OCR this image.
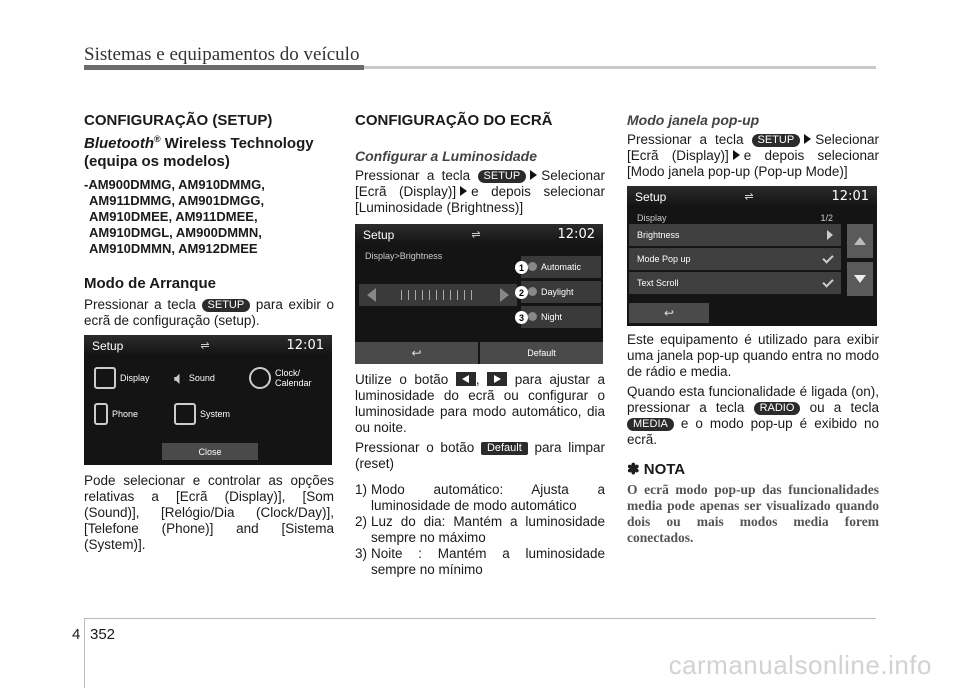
Sistemas e equipamentos do veículo
CONFIGURAÇÃO (SETUP)
Bluetooth® Wireless Technology
(equipa os modelos)
-AM900DMMG, AM910DMMG,
AM911DMMG, AM901DMGG,
AM910DMEE, AM911DMEE,
AM910DMGL, AM900DMMN,
AM910DMMN, AM912DMEE
Modo de Arranque
Pressionar a tecla SETUP para exibir o ecrã de configuração (setup).
Setup	⇌	12:01
Display 🔈︎ Sound	Clock/ Calendar
Phone	System
Close
Pode selecionar e controlar as opções relativas a [Ecrã (Display)], [Som (Sound)], [Relógio/Dia (Clock/Day)], [Telefone (Phone)] and [Sistema (System)].
CONFIGURAÇÃO DO ECRÃ
Configurar a Luminosidade
Pressionar a tecla SETUP Selecionar [Ecrã (Display)] e depois selecionar [Luminosidade (Brightness)]
Setup	⇌	12:02
Display>Brightness
Automatic
Daylight
Night
1
2
3
↩	Default
Utilize o botão ,	para ajustar a luminosidade do ecrã ou configurar o luminosidade para modo automático, dia ou noite.
Pressionar o botão Default para limpar (reset)
1) Modo automático: Ajusta a luminosidade de modo automático
2) Luz do dia: Mantém a luminosidade sempre no máximo
3) Noite : Mantém a luminosidade sempre no mínimo
Modo janela pop-up
Pressionar a tecla SETUP Selecionar [Ecrã (Display)] e depois selecionar [Modo janela pop-up (Pop-up Mode)]
Setup	⇌	12:01
Display	1/2
Brightness
Mode Pop up
Text Scroll
↩
Este equipamento é utilizado para exibir uma janela pop-up quando entra no modo de rádio e media.
Quando esta funcionalidade é ligada (on), pressionar a tecla RADIO ou a tecla MEDIA e o modo pop-up é exibido no ecrã.
✽ NOTA
O ecrã modo pop-up das funcionalidades media pode apenas ser visualizado quando dois ou mais modos media forem conectados.
4 352
carmanualsonline.info
